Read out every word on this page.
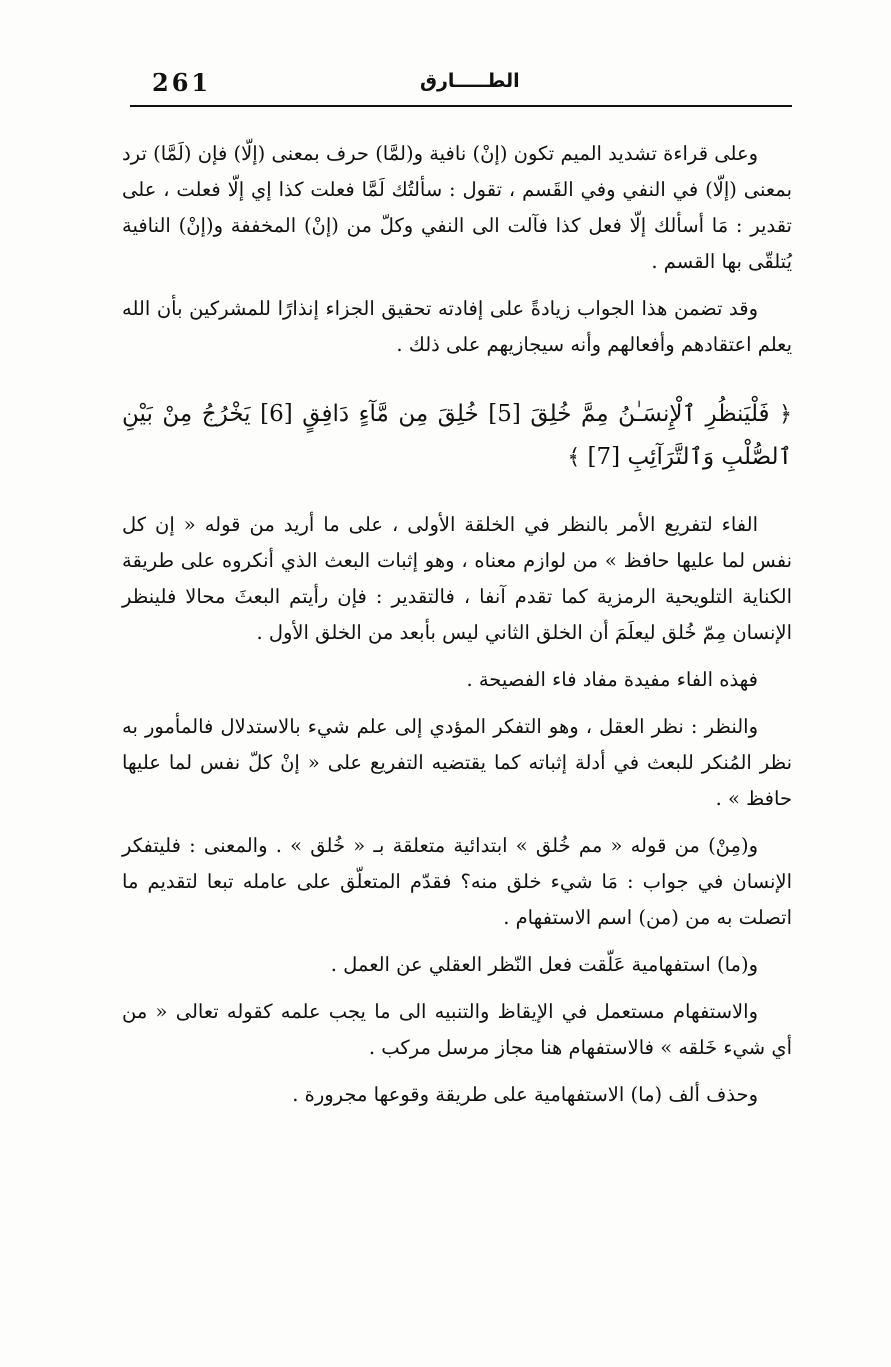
261	الطـــــارق

وعلى قراءة تشديد الميم تكون (إنْ) نافية و(لمَّا) حرف بمعنى (إلّا) فإن (لَمَّا) ترد بمعنى (إلّا) في النفي وفي القَسم ، تقول : سألتُك لَمَّا فعلت كذا إي إلّا فعلت ، على تقدير : مَا أسألك إلّا فعل كذا فآلت الى النفي وكلّ من (إنْ) المخففة و(إنْ) النافية يُتلقّى بها القسم .

وقد تضمن هذا الجواب زيادةً على إفادته تحقيق الجزاء إنذارًا للمشركين بأن الله يعلم اعتقادهم وأفعالهم وأنه سيجازيهم على ذلك .

﴿ فَلْيَنظُرِ ٱلْإِنسَـٰنُ مِمَّ خُلِقَ [5] خُلِقَ مِن مَّآءٍ دَافِقٍ [6] يَخْرُجُ مِنْ بَيْنِ ٱلصُّلْبِ وَٱلتَّرَآئِبِ [7] ﴾

الفاء لتفريع الأمر بالنظر في الخلقة الأولى ، على ما أريد من قوله « إن كل نفس لما عليها حافظ » من لوازم معناه ، وهو إثبات البعث الذي أنكروه على طريقة الكناية التلويحية الرمزية كما تقدم آنفا ، فالتقدير : فإن رأيتم البعثَ محالا فلينظر الإنسان مِمّ خُلق ليعلَمَ أن الخلق الثاني ليس بأبعد من الخلق الأول .

فهذه الفاء مفيدة مفاد فاء الفصيحة .

والنظر : نظر العقل ، وهو التفكر المؤدي إلى علم شيء بالاستدلال فالمأمور به نظر المُنكر للبعث في أدلة إثباته كما يقتضيه التفريع على « إنْ كلّ نفس لما عليها حافظ » .

و(مِنْ) من قوله « مم خُلق » ابتدائية متعلقة بـ « خُلق » . والمعنى : فليتفكر الإنسان في جواب : مَا شيء خلق منه؟ فقدّم المتعلّق على عامله تبعا لتقديم ما اتصلت به من (من) اسم الاستفهام .

و(ما) استفهامية عَلّقت فعل النّظر العقلي عن العمل .

والاستفهام مستعمل في الإيقاظ والتنبيه الى ما يجب علمه كقوله تعالى « من أي شيء خَلقه » فالاستفهام هنا مجاز مرسل مركب .

وحذف ألف (ما) الاستفهامية على طريقة وقوعها مجرورة .
